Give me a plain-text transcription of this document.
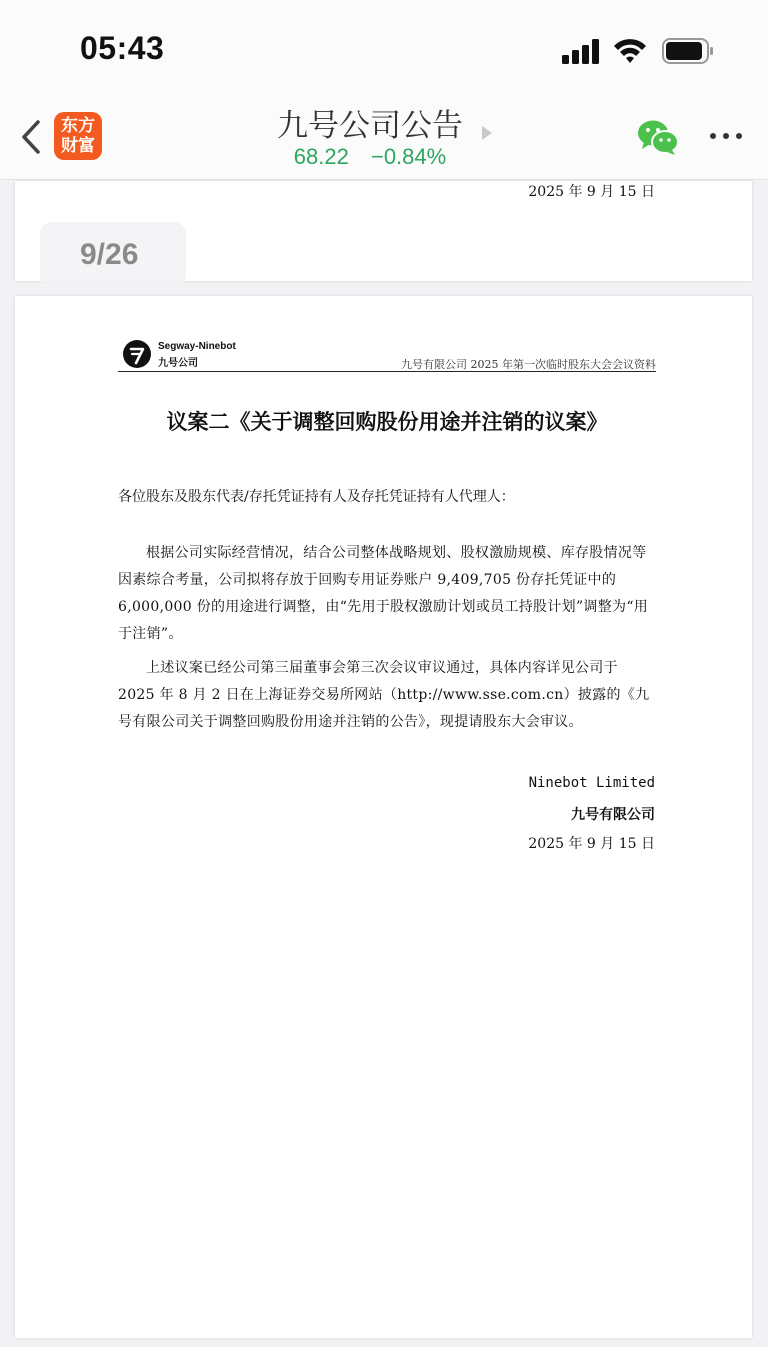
05:43
东方
财富
九号公司公告
68.22 −0.84%
2025 年 9 月 15 日
9/26
Segway-Ninebot
九号公司	九号有限公司 2025 年第一次临时股东大会会议资料
议案二《关于调整回购股份用途并注销的议案》
各位股东及股东代表/存托凭证持有人及存托凭证持有人代理人：
根据公司实际经营情况，结合公司整体战略规划、股权激励规模、库存股情况等因素综合考量，公司拟将存放于回购专用证券账户 9,409,705 份存托凭证中的 6,000,000 份的用途进行调整，由“先用于股权激励计划或员工持股计划”调整为“用于注销”。
上述议案已经公司第三届董事会第三次会议审议通过，具体内容详见公司于 2025 年 8 月 2 日在上海证券交易所网站（http://www.sse.com.cn）披露的《九号有限公司关于调整回购股份用途并注销的公告》，现提请股东大会审议。
Ninebot Limited
九号有限公司
2025 年 9 月 15 日
